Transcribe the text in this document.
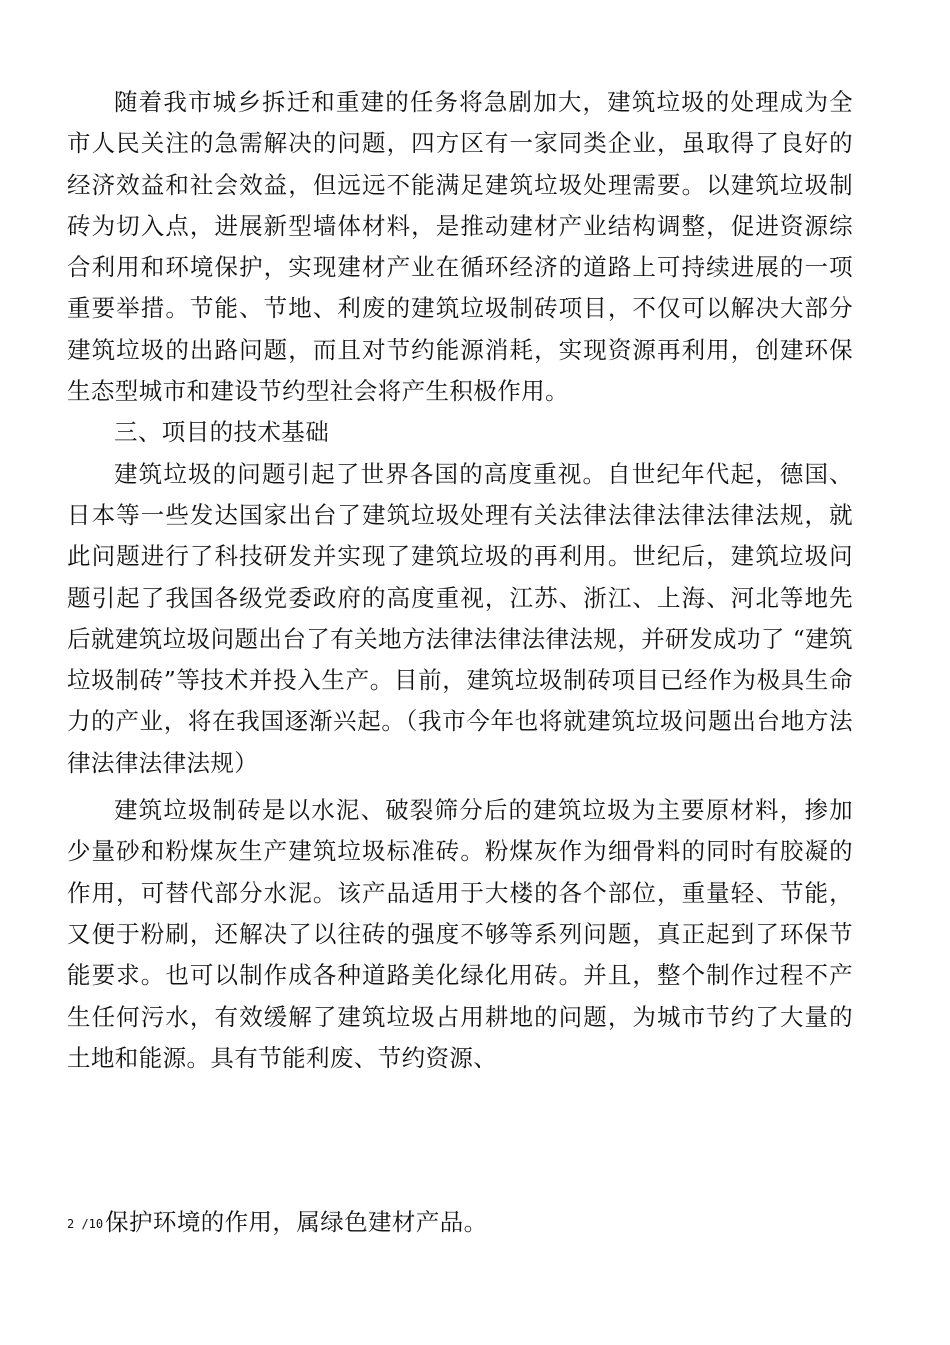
随着我市城乡拆迁和重建的任务将急剧加大，建筑垃圾的处理成为全市人民关注的急需解决的问题，四方区有一家同类企业，虽取得了良好的经济效益和社会效益，但远远不能满足建筑垃圾处理需要。以建筑垃圾制砖为切入点，进展新型墙体材料，是推动建材产业结构调整，促进资源综合利用和环境保护，实现建材产业在循环经济的道路上可持续进展的一项重要举措。节能、节地、利废的建筑垃圾制砖项目，不仅可以解决大部分建筑垃圾的出路问题，而且对节约能源消耗，实现资源再利用，创建环保生态型城市和建设节约型社会将产生积极作用。

三、项目的技术基础

建筑垃圾的问题引起了世界各国的高度重视。自世纪年代起，德国、日本等一些发达国家出台了建筑垃圾处理有关法律法律法律法律法规，就此问题进行了科技研发并实现了建筑垃圾的再利用。世纪后，建筑垃圾问题引起了我国各级党委政府的高度重视，江苏、浙江、上海、河北等地先后就建筑垃圾问题出台了有关地方法律法律法律法规，并研发成功了 “建筑垃圾制砖”等技术并投入生产。目前，建筑垃圾制砖项目已经作为极具生命力的产业，将在我国逐渐兴起。（我市今年也将就建筑垃圾问题出台地方法律法律法律法规）

建筑垃圾制砖是以水泥、破裂筛分后的建筑垃圾为主要原材料，掺加少量砂和粉煤灰生产建筑垃圾标准砖。粉煤灰作为细骨料的同时有胶凝的作用，可替代部分水泥。该产品适用于大楼的各个部位，重量轻、节能，又便于粉刷，还解决了以往砖的强度不够等系列问题，真正起到了环保节能要求。也可以制作成各种道路美化绿化用砖。并且，整个制作过程不产生任何污水，有效缓解了建筑垃圾占用耕地的问题，为城市节约了大量的土地和能源。具有节能利废、节约资源、

2 /10保护环境的作用，属绿色建材产品。
